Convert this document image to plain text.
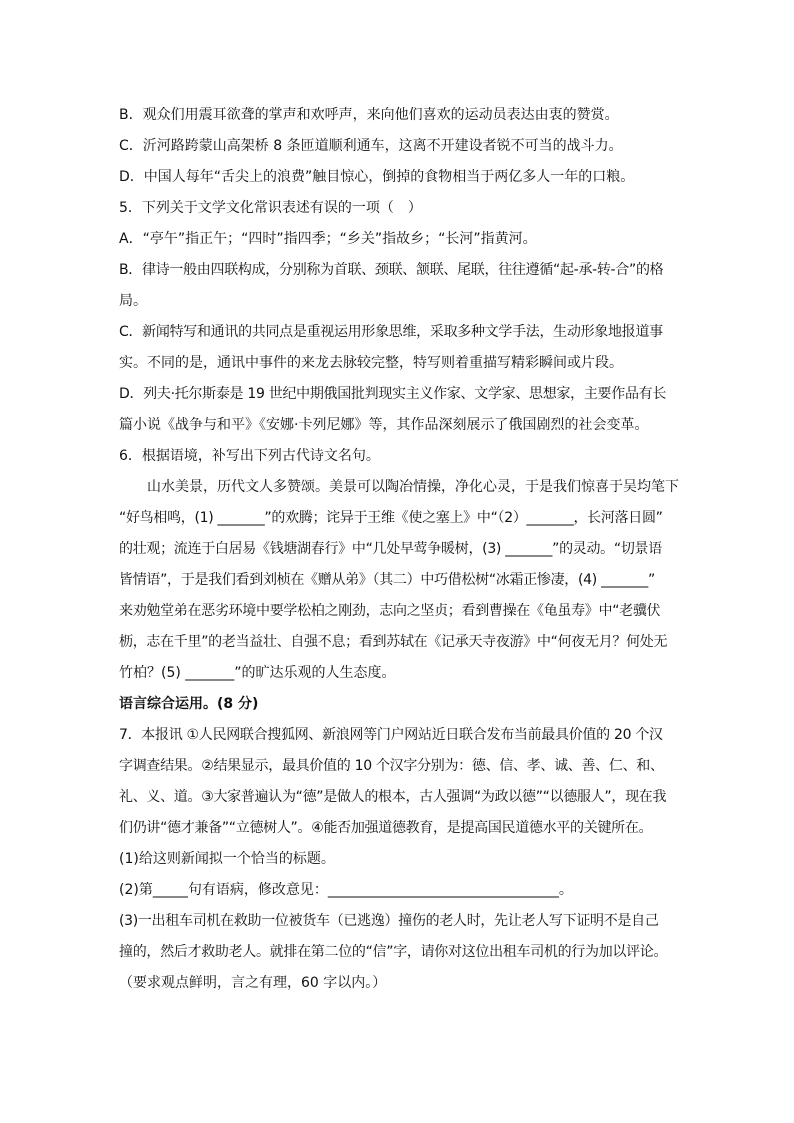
B．观众们用震耳欲聋的掌声和欢呼声，来向他们喜欢的运动员表达由衷的赞赏。
C．沂河路跨蒙山高架桥 8 条匝道顺利通车，这离不开建设者锐不可当的战斗力。
D．中国人每年“舌尖上的浪费”触目惊心，倒掉的食物相当于两亿多人一年的口粮。
5．下列关于文学文化常识表述有误的一项（　）
A．“亭午”指正午；“四时”指四季；“乡关”指故乡；“长河”指黄河。
B．律诗一般由四联构成，分别称为首联、颈联、颔联、尾联，往往遵循“起-承-转-合”的格
局。
C．新闻特写和通讯的共同点是重视运用形象思维，采取多种文学手法，生动形象地报道事
实。不同的是，通讯中事件的来龙去脉较完整，特写则着重描写精彩瞬间或片段。
D．列夫·托尔斯泰是 19 世纪中期俄国批判现实主义作家、文学家、思想家，主要作品有长
篇小说《战争与和平》《安娜·卡列尼娜》等，其作品深刻展示了俄国剧烈的社会变革。
6．根据语境，补写出下列古代诗文名句。
山水美景，历代文人多赞颂。美景可以陶冶情操，净化心灵，于是我们惊喜于吴均笔下
“好鸟相鸣，(1) _______”的欢腾；诧异于王维《使之塞上》中“（2）_______，长河落日圆”
的壮观；流连于白居易《钱塘湖春行》中“几处早莺争暖树，(3) _______”的灵动。“切景语
皆情语”，于是我们看到刘桢在《赠从弟》（其二）中巧借松树“冰霜正惨凄，(4) _______”
来劝勉堂弟在恶劣环境中要学松柏之刚劲，志向之坚贞；看到曹操在《龟虽寿》中“老骥伏
枥，志在千里”的老当益壮、自强不息；看到苏轼在《记承天寺夜游》中“何夜无月？何处无
竹柏？(5) _______”的旷达乐观的人生态度。
语言综合运用。(8 分)
7．本报讯 ①人民网联合搜狐网、新浪网等门户网站近日联合发布当前最具价值的 20 个汉
字调查结果。②结果显示，最具价值的 10 个汉字分别为：德、信、孝、诚、善、仁、和、
礼、义、道。③大家普遍认为“德”是做人的根本，古人强调“为政以德”“以德服人”，现在我
们仍讲“德才兼备”“立德树人”。④能否加强道德教育，是提高国民道德水平的关键所在。
(1)给这则新闻拟一个恰当的标题。
(2)第_____句有语病，修改意见：_________________________________。
(3)一出租车司机在救助一位被货车（已逃逸）撞伤的老人时，先让老人写下证明不是自己
撞的，然后才救助老人。就排在第二位的“信”字，请你对这位出租车司机的行为加以评论。
（要求观点鲜明，言之有理，60 字以内。）
